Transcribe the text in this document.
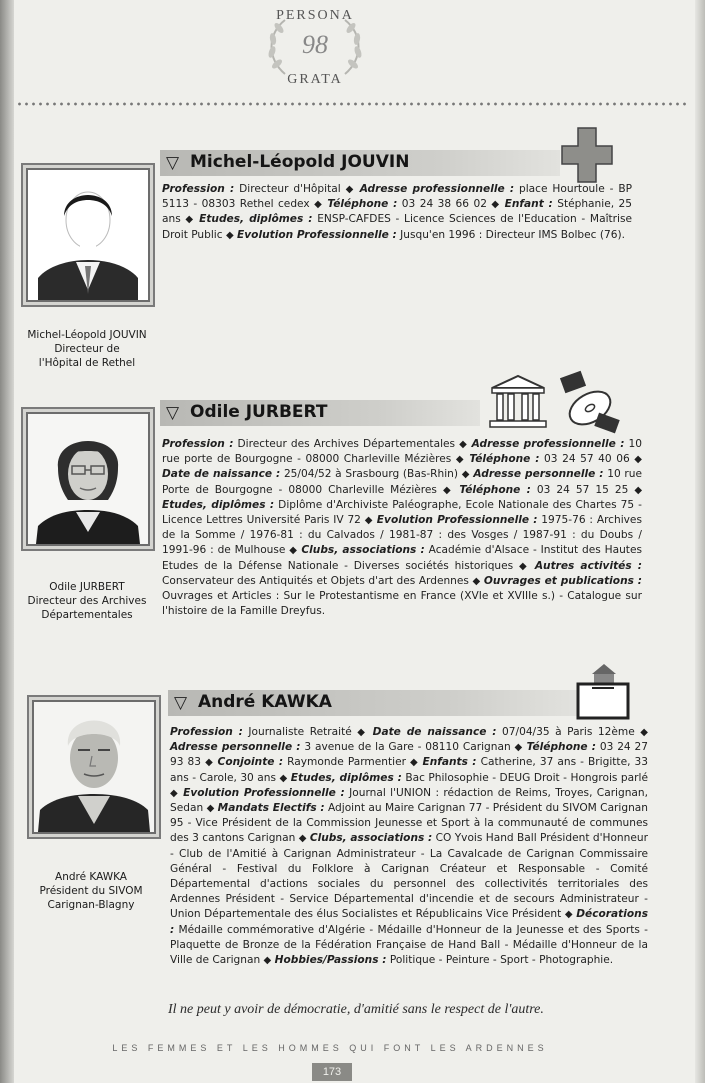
PERSONA
98
GRATA
Michel-Léopold JOUVIN
Directeur de
l'Hôpital de Rethel
▽ Michel-Léopold JOUVIN
Profession : Directeur d'Hôpital ◆ Adresse professionnelle : place Hourtoule - BP 5113 - 08303 Rethel cedex ◆ Téléphone : 03 24 38 66 02 ◆ Enfant : Stéphanie, 25 ans ◆ Etudes, diplômes : ENSP-CAFDES - Licence Sciences de l'Education - Maîtrise Droit Public ◆ Evolution Professionnelle : Jusqu'en 1996 : Directeur IMS Bolbec (76).
Odile JURBERT
Directeur des Archives
Départementales
▽ Odile JURBERT
Profession : Directeur des Archives Départementales ◆ Adresse professionnelle : 10 rue porte de Bourgogne - 08000 Charleville Mézières ◆ Téléphone : 03 24 57 40 06 ◆ Date de naissance : 25/04/52 à Srasbourg (Bas-Rhin) ◆ Adresse personnelle : 10 rue Porte de Bourgogne - 08000 Charleville Mézières ◆ Téléphone : 03 24 57 15 25 ◆ Etudes, diplômes : Diplôme d'Archiviste Paléographe, Ecole Nationale des Chartes 75 - Licence Lettres Université Paris IV 72 ◆ Evolution Professionnelle : 1975-76 : Archives de la Somme / 1976-81 : du Calvados / 1981-87 : des Vosges / 1987-91 : du Doubs / 1991-96 : de Mulhouse ◆ Clubs, associations : Académie d'Alsace - Institut des Hautes Etudes de la Défense Nationale - Diverses sociétés historiques ◆ Autres activités : Conservateur des Antiquités et Objets d'art des Ardennes ◆ Ouvrages et publications : Ouvrages et Articles : Sur le Protestantisme en France (XVIe et XVIIIe s.) - Catalogue sur l'histoire de la Famille Dreyfus.
André KAWKA
Président du SIVOM
Carignan-Blagny
▽ André KAWKA
Profession : Journaliste Retraité ◆ Date de naissance : 07/04/35 à Paris 12ème ◆ Adresse personnelle : 3 avenue de la Gare - 08110 Carignan ◆ Téléphone : 03 24 27 93 83 ◆ Conjointe : Raymonde Parmentier ◆ Enfants : Catherine, 37 ans - Brigitte, 33 ans - Carole, 30 ans ◆ Etudes, diplômes : Bac Philosophie - DEUG Droit - Hongrois parlé ◆ Evolution Professionnelle : Journal l'UNION : rédaction de Reims, Troyes, Carignan, Sedan ◆ Mandats Electifs : Adjoint au Maire Carignan 77 - Président du SIVOM Carignan 95 - Vice Président de la Commission Jeunesse et Sport à la communauté de communes des 3 cantons Carignan ◆ Clubs, associations : CO Yvois Hand Ball Président d'Honneur - Club de l'Amitié à Carignan Administrateur - La Cavalcade de Carignan Commissaire Général - Festival du Folklore à Carignan Créateur et Responsable - Comité Départemental d'actions sociales du personnel des collectivités territoriales des Ardennes Président - Service Départemental d'incendie et de secours Administrateur - Union Départementale des élus Socialistes et Républicains Vice Président ◆ Décorations : Médaille commémorative d'Algérie - Médaille d'Honneur de la Jeunesse et des Sports - Plaquette de Bronze de la Fédération Française de Hand Ball - Médaille d'Honneur de la Ville de Carignan ◆ Hobbies/Passions : Politique - Peinture - Sport - Photographie.
Il ne peut y avoir de démocratie, d'amitié sans le respect de l'autre.
LES FEMMES ET LES HOMMES QUI FONT LES ARDENNES
173
